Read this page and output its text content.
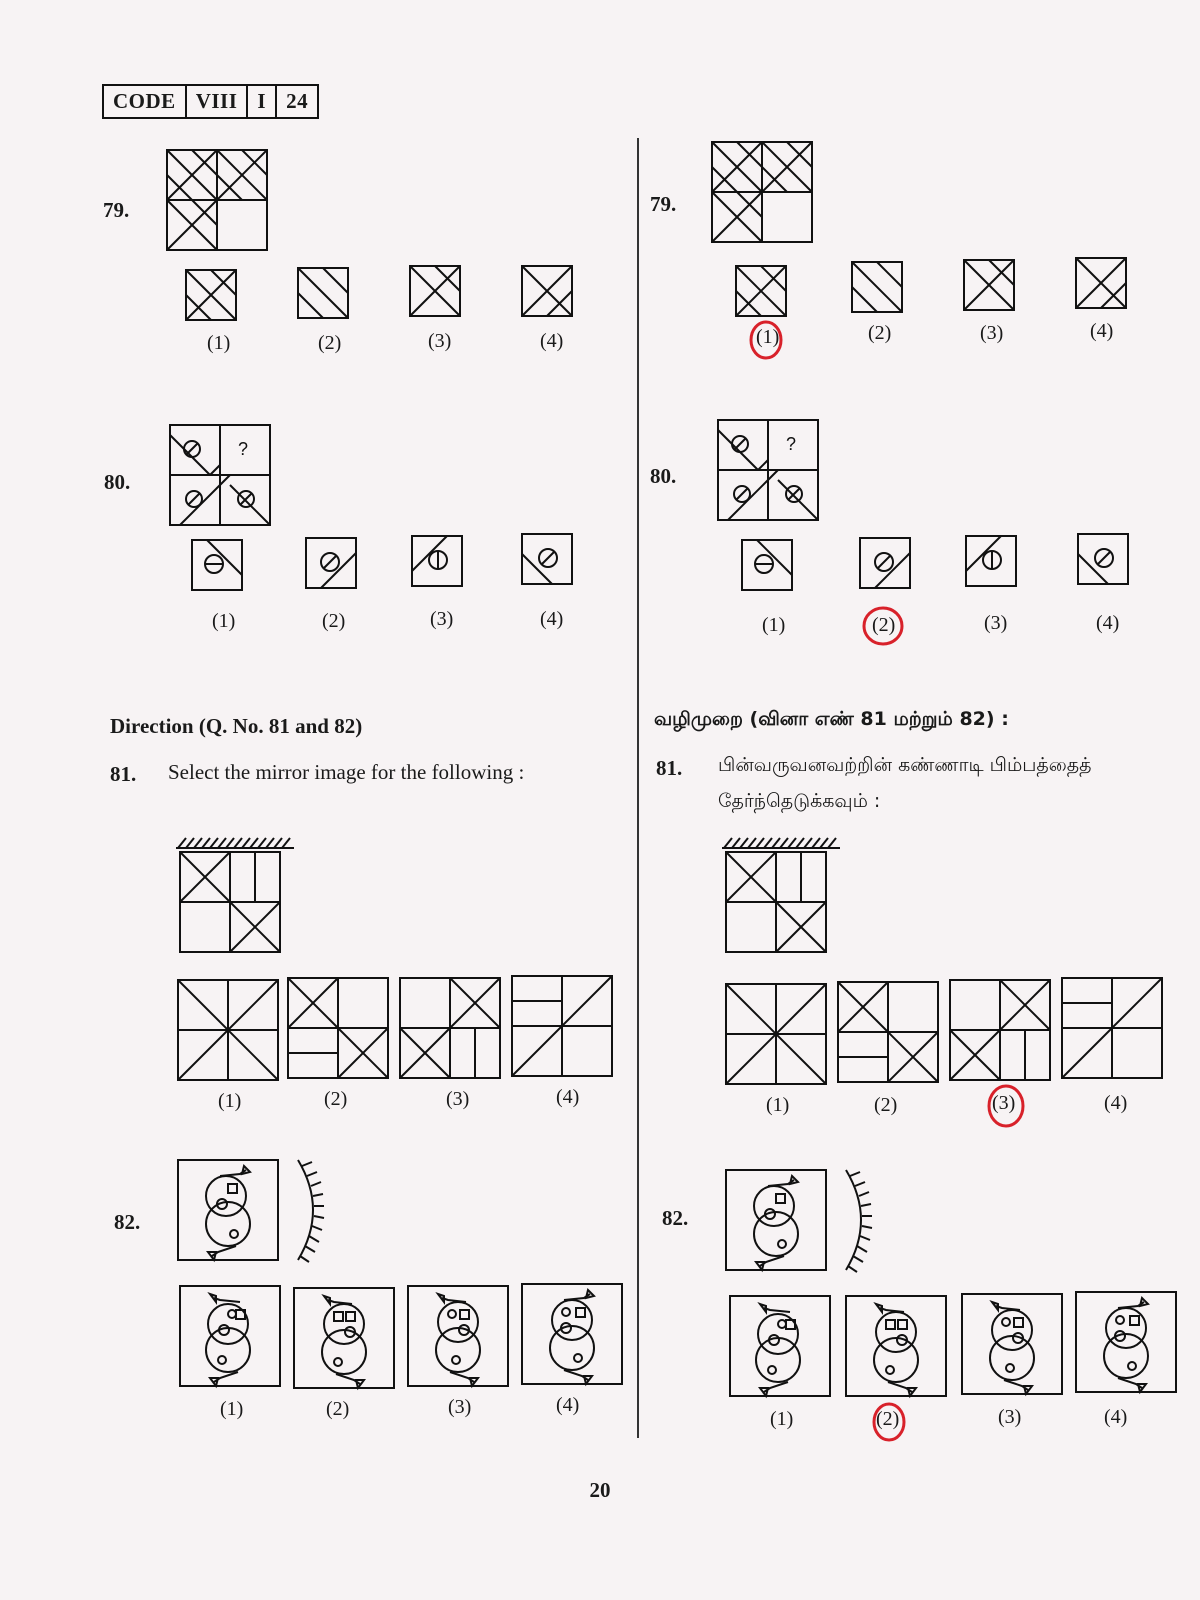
CODE VIII I 24
79.
(1)	(2)	(3)	(4)
80.
?
(1)	(2)	(3)	(4)
Direction (Q. No. 81 and 82)
81. Select the mirror image for the following :
(1)	(2)	(3)	(4)
82.
(1)	(2)	(3)	(4)
79.
(1)	(2)	(3)	(4)
80.
?
(1)	(2)	(3)	(4)
வழிமுறை (வினா எண் 81 மற்றும் 82) :
81. பின்வருவனவற்றின் கண்ணாடி பிம்பத்தைத்
தேர்ந்தெடுக்கவும் :
(1)	(2)	(3)	(4)
82.
(1)	(2)	(3)	(4)
20
